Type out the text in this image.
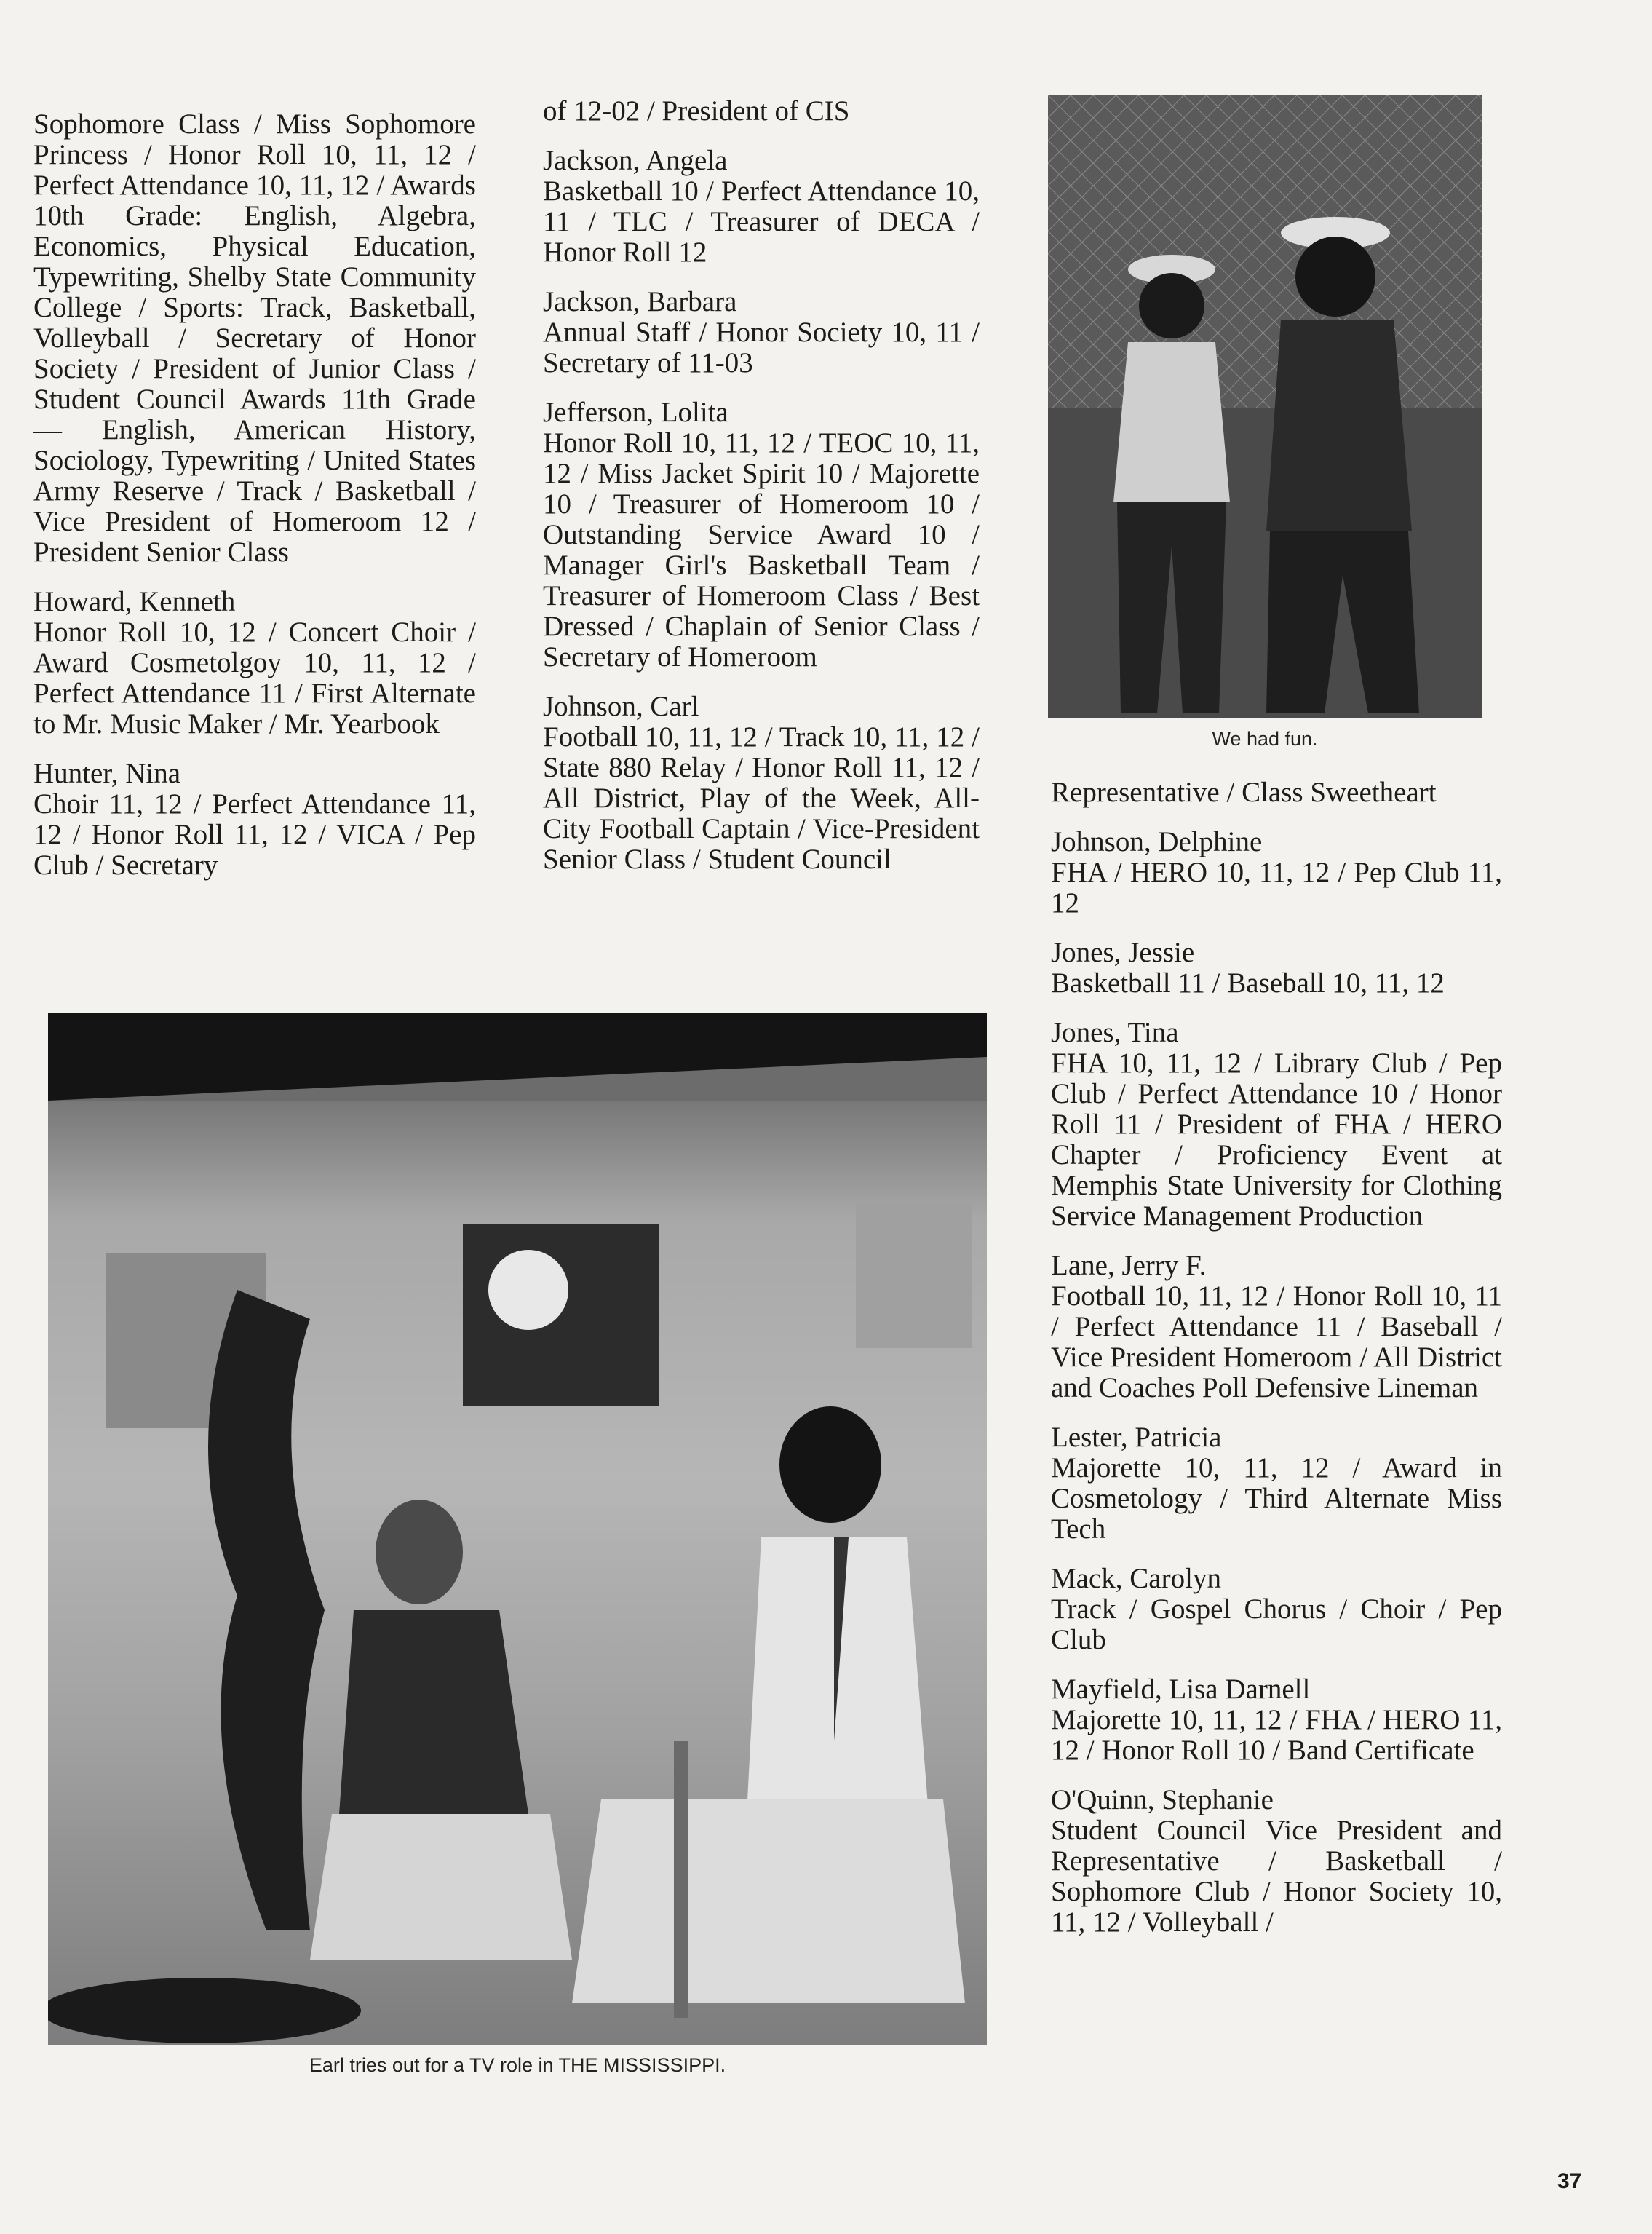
Sophomore Class / Miss Sophomore Princess / Honor Roll 10, 11, 12 / Perfect Attendance 10, 11, 12 / Awards 10th Grade: English, Algebra, Economics, Physical Education, Typewriting, Shelby State Community College / Sports: Track, Basketball, Volleyball / Secretary of Honor Society / President of Junior Class / Student Council Awards 11th Grade — English, American History, Sociology, Typewriting / United States Army Reserve / Track / Basketball / Vice President of Homeroom 12 / President Senior Class
Howard, Kenneth
Honor Roll 10, 12 / Concert Choir / Award Cosmetolgoy 10, 11, 12 / Perfect Attendance 11 / First Alternate to Mr. Music Maker / Mr. Yearbook
Hunter, Nina
Choir 11, 12 / Perfect Attendance 11, 12 / Honor Roll 11, 12 / VICA / Pep Club / Secretary
of 12-02 / President of CIS
Jackson, Angela
Basketball 10 / Perfect Attendance 10, 11 / TLC / Treasurer of DECA / Honor Roll 12
Jackson, Barbara
Annual Staff / Honor Society 10, 11 / Secretary of 11-03
Jefferson, Lolita
Honor Roll 10, 11, 12 / TEOC 10, 11, 12 / Miss Jacket Spirit 10 / Majorette 10 / Treasurer of Homeroom 10 / Outstanding Service Award 10 / Manager Girl's Basketball Team / Treasurer of Homeroom Class / Best Dressed / Chaplain of Senior Class / Secretary of Homeroom
Johnson, Carl
Football 10, 11, 12 / Track 10, 11, 12 / State 880 Relay / Honor Roll 11, 12 / All District, Play of the Week, All-City Football Captain / Vice-President Senior Class / Student Council
We had fun.
Representative / Class Sweetheart
Johnson, Delphine
FHA / HERO 10, 11, 12 / Pep Club 11, 12
Jones, Jessie
Basketball 11 / Baseball 10, 11, 12
Jones, Tina
FHA 10, 11, 12 / Library Club / Pep Club / Perfect Attendance 10 / Honor Roll 11 / President of FHA / HERO Chapter / Proficiency Event at Memphis State University for Clothing Service Management Production
Lane, Jerry F.
Football 10, 11, 12 / Honor Roll 10, 11 / Perfect Attendance 11 / Baseball / Vice President Homeroom / All District and Coaches Poll Defensive Lineman
Lester, Patricia
Majorette 10, 11, 12 / Award in Cosmetology / Third Alternate Miss Tech
Mack, Carolyn
Track / Gospel Chorus / Choir / Pep Club
Mayfield, Lisa Darnell
Majorette 10, 11, 12 / FHA / HERO 11, 12 / Honor Roll 10 / Band Certificate
O'Quinn, Stephanie
Student Council Vice President and Representative / Basketball / Sophomore Club / Honor Society 10, 11, 12 / Volleyball /
Earl tries out for a TV role in THE MISSISSIPPI.
37
